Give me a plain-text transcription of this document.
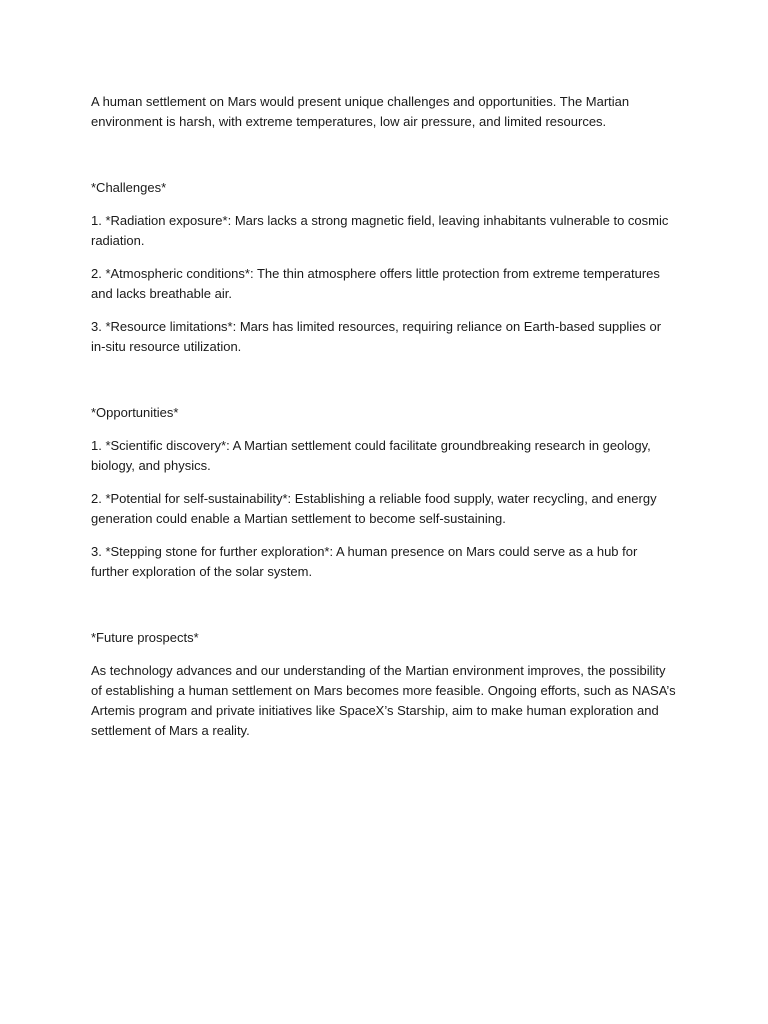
A human settlement on Mars would present unique challenges and opportunities. The Martian environment is harsh, with extreme temperatures, low air pressure, and limited resources.

*Challenges*

1. *Radiation exposure*: Mars lacks a strong magnetic field, leaving inhabitants vulnerable to cosmic radiation.

2. *Atmospheric conditions*: The thin atmosphere offers little protection from extreme temperatures and lacks breathable air.

3. *Resource limitations*: Mars has limited resources, requiring reliance on Earth-based supplies or in-situ resource utilization.

*Opportunities*

1. *Scientific discovery*: A Martian settlement could facilitate groundbreaking research in geology, biology, and physics.

2. *Potential for self-sustainability*: Establishing a reliable food supply, water recycling, and energy generation could enable a Martian settlement to become self-sustaining.

3. *Stepping stone for further exploration*: A human presence on Mars could serve as a hub for further exploration of the solar system.

*Future prospects*

As technology advances and our understanding of the Martian environment improves, the possibility of establishing a human settlement on Mars becomes more feasible. Ongoing efforts, such as NASA’s Artemis program and private initiatives like SpaceX’s Starship, aim to make human exploration and settlement of Mars a reality.
